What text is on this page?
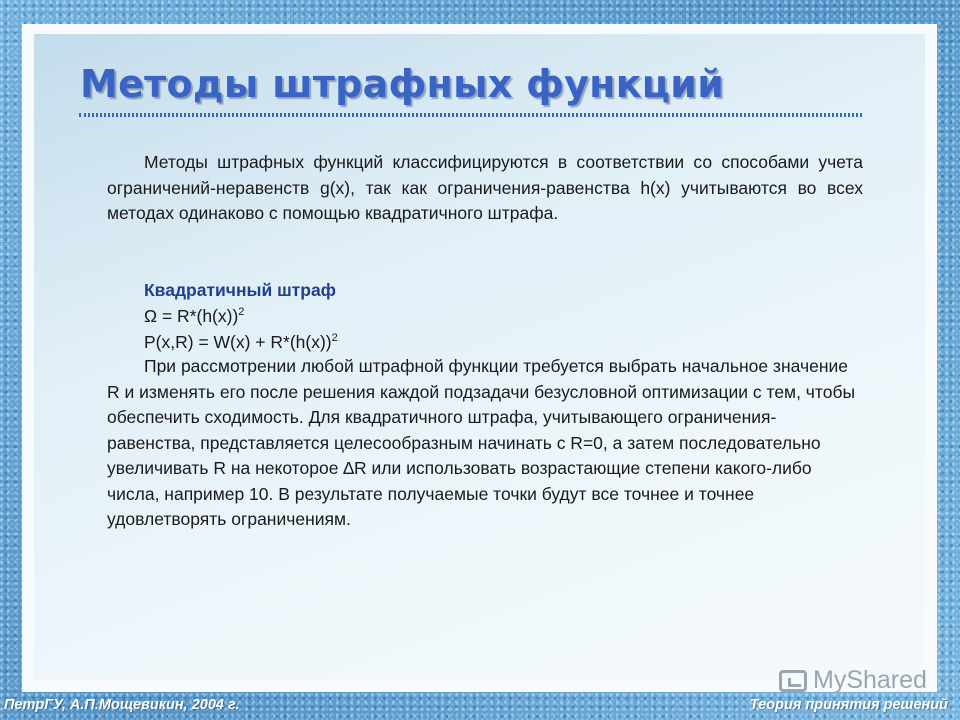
Методы штрафных функций

Методы штрафных функций классифицируются в соответствии со способами учета ограничений-неравенств g(x), так как ограничения-равенства h(x) учитываются во всех методах одинаково с помощью квадратичного штрафа.

Квадратичный штраф

$\Omega = R*(h(x))^2$

$P(x,R) = W(x) + R*(h(x))^2$

При рассмотрении любой штрафной функции требуется выбрать начальное значение R и изменять его после решения каждой подзадачи безусловной оптимизации с тем, чтобы обеспечить сходимость. Для квадратичного штрафа, учитывающего ограничения-равенства, представляется целесообразным начинать с R=0, а затем последовательно увеличивать R на некоторое ∆R или использовать возрастающие степени какого-либо числа, например 10. В результате получаемые точки будут все точнее и точнее удовлетворять ограничениям.

MyShared
ПетрГУ, А.П.Мощевикин, 2004 г.	Теория принятия решений
